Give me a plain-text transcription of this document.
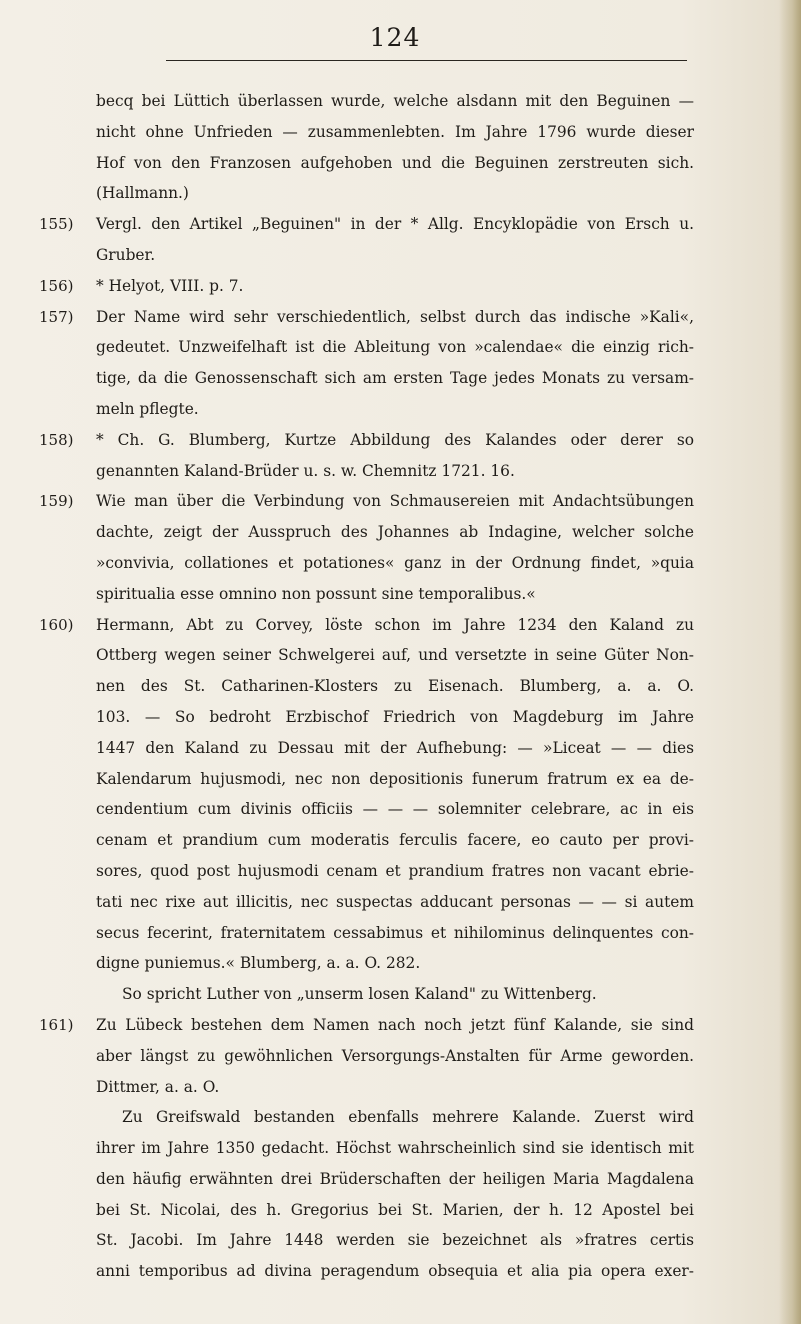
124
becq bei Lüttich überlassen wurde, welche alsdann mit den Beguinen —
nicht ohne Unfrieden — zusammenlebten. Im Jahre 1796 wurde dieser
Hof von den Franzosen aufgehoben und die Beguinen zerstreuten sich.
(Hallmann.)
155) Vergl. den Artikel „Beguinen" in der * Allg. Encyklopädie von Ersch u.
Gruber.
156) * Helyot, VIII. p. 7.
157) Der Name wird sehr verschiedentlich, selbst durch das indische »Kali«,
gedeutet. Unzweifelhaft ist die Ableitung von »calendae« die einzig rich-
tige, da die Genossenschaft sich am ersten Tage jedes Monats zu versam-
meln pflegte.
158) * Ch. G. Blumberg, Kurtze Abbildung des Kalandes oder derer so
genannten Kaland-Brüder u. s. w. Chemnitz 1721. 16.
159) Wie man über die Verbindung von Schmausereien mit Andachtsübungen
dachte, zeigt der Ausspruch des Johannes ab Indagine, welcher solche
»convivia, collationes et potationes« ganz in der Ordnung findet, »quia
spiritualia esse omnino non possunt sine temporalibus.«
160) Hermann, Abt zu Corvey, löste schon im Jahre 1234 den Kaland zu
Ottberg wegen seiner Schwelgerei auf, und versetzte in seine Güter Non-
nen des St. Catharinen-Klosters zu Eisenach. Blumberg, a. a. O.
103. — So bedroht Erzbischof Friedrich von Magdeburg im Jahre
1447 den Kaland zu Dessau mit der Aufhebung: — »Liceat — — dies
Kalendarum hujusmodi, nec non depositionis funerum fratrum ex ea de-
cendentium cum divinis officiis — — — solemniter celebrare, ac in eis
cenam et prandium cum moderatis ferculis facere, eo cauto per provi-
sores, quod post hujusmodi cenam et prandium fratres non vacant ebrie-
tati nec rixe aut illicitis, nec suspectas adducant personas — — si autem
secus fecerint, fraternitatem cessabimus et nihilominus delinquentes con-
digne puniemus.« Blumberg, a. a. O. 282.
So spricht Luther von „unserm losen Kaland" zu Wittenberg.
161) Zu Lübeck bestehen dem Namen nach noch jetzt fünf Kalande, sie sind
aber längst zu gewöhnlichen Versorgungs-Anstalten für Arme geworden.
Dittmer, a. a. O.
Zu Greifswald bestanden ebenfalls mehrere Kalande. Zuerst wird
ihrer im Jahre 1350 gedacht. Höchst wahrscheinlich sind sie identisch mit
den häufig erwähnten drei Brüderschaften der heiligen Maria Magdalena
bei St. Nicolai, des h. Gregorius bei St. Marien, der h. 12 Apostel bei
St. Jacobi. Im Jahre 1448 werden sie bezeichnet als »fratres certis
anni temporibus ad divina peragendum obsequia et alia pia opera exer-
